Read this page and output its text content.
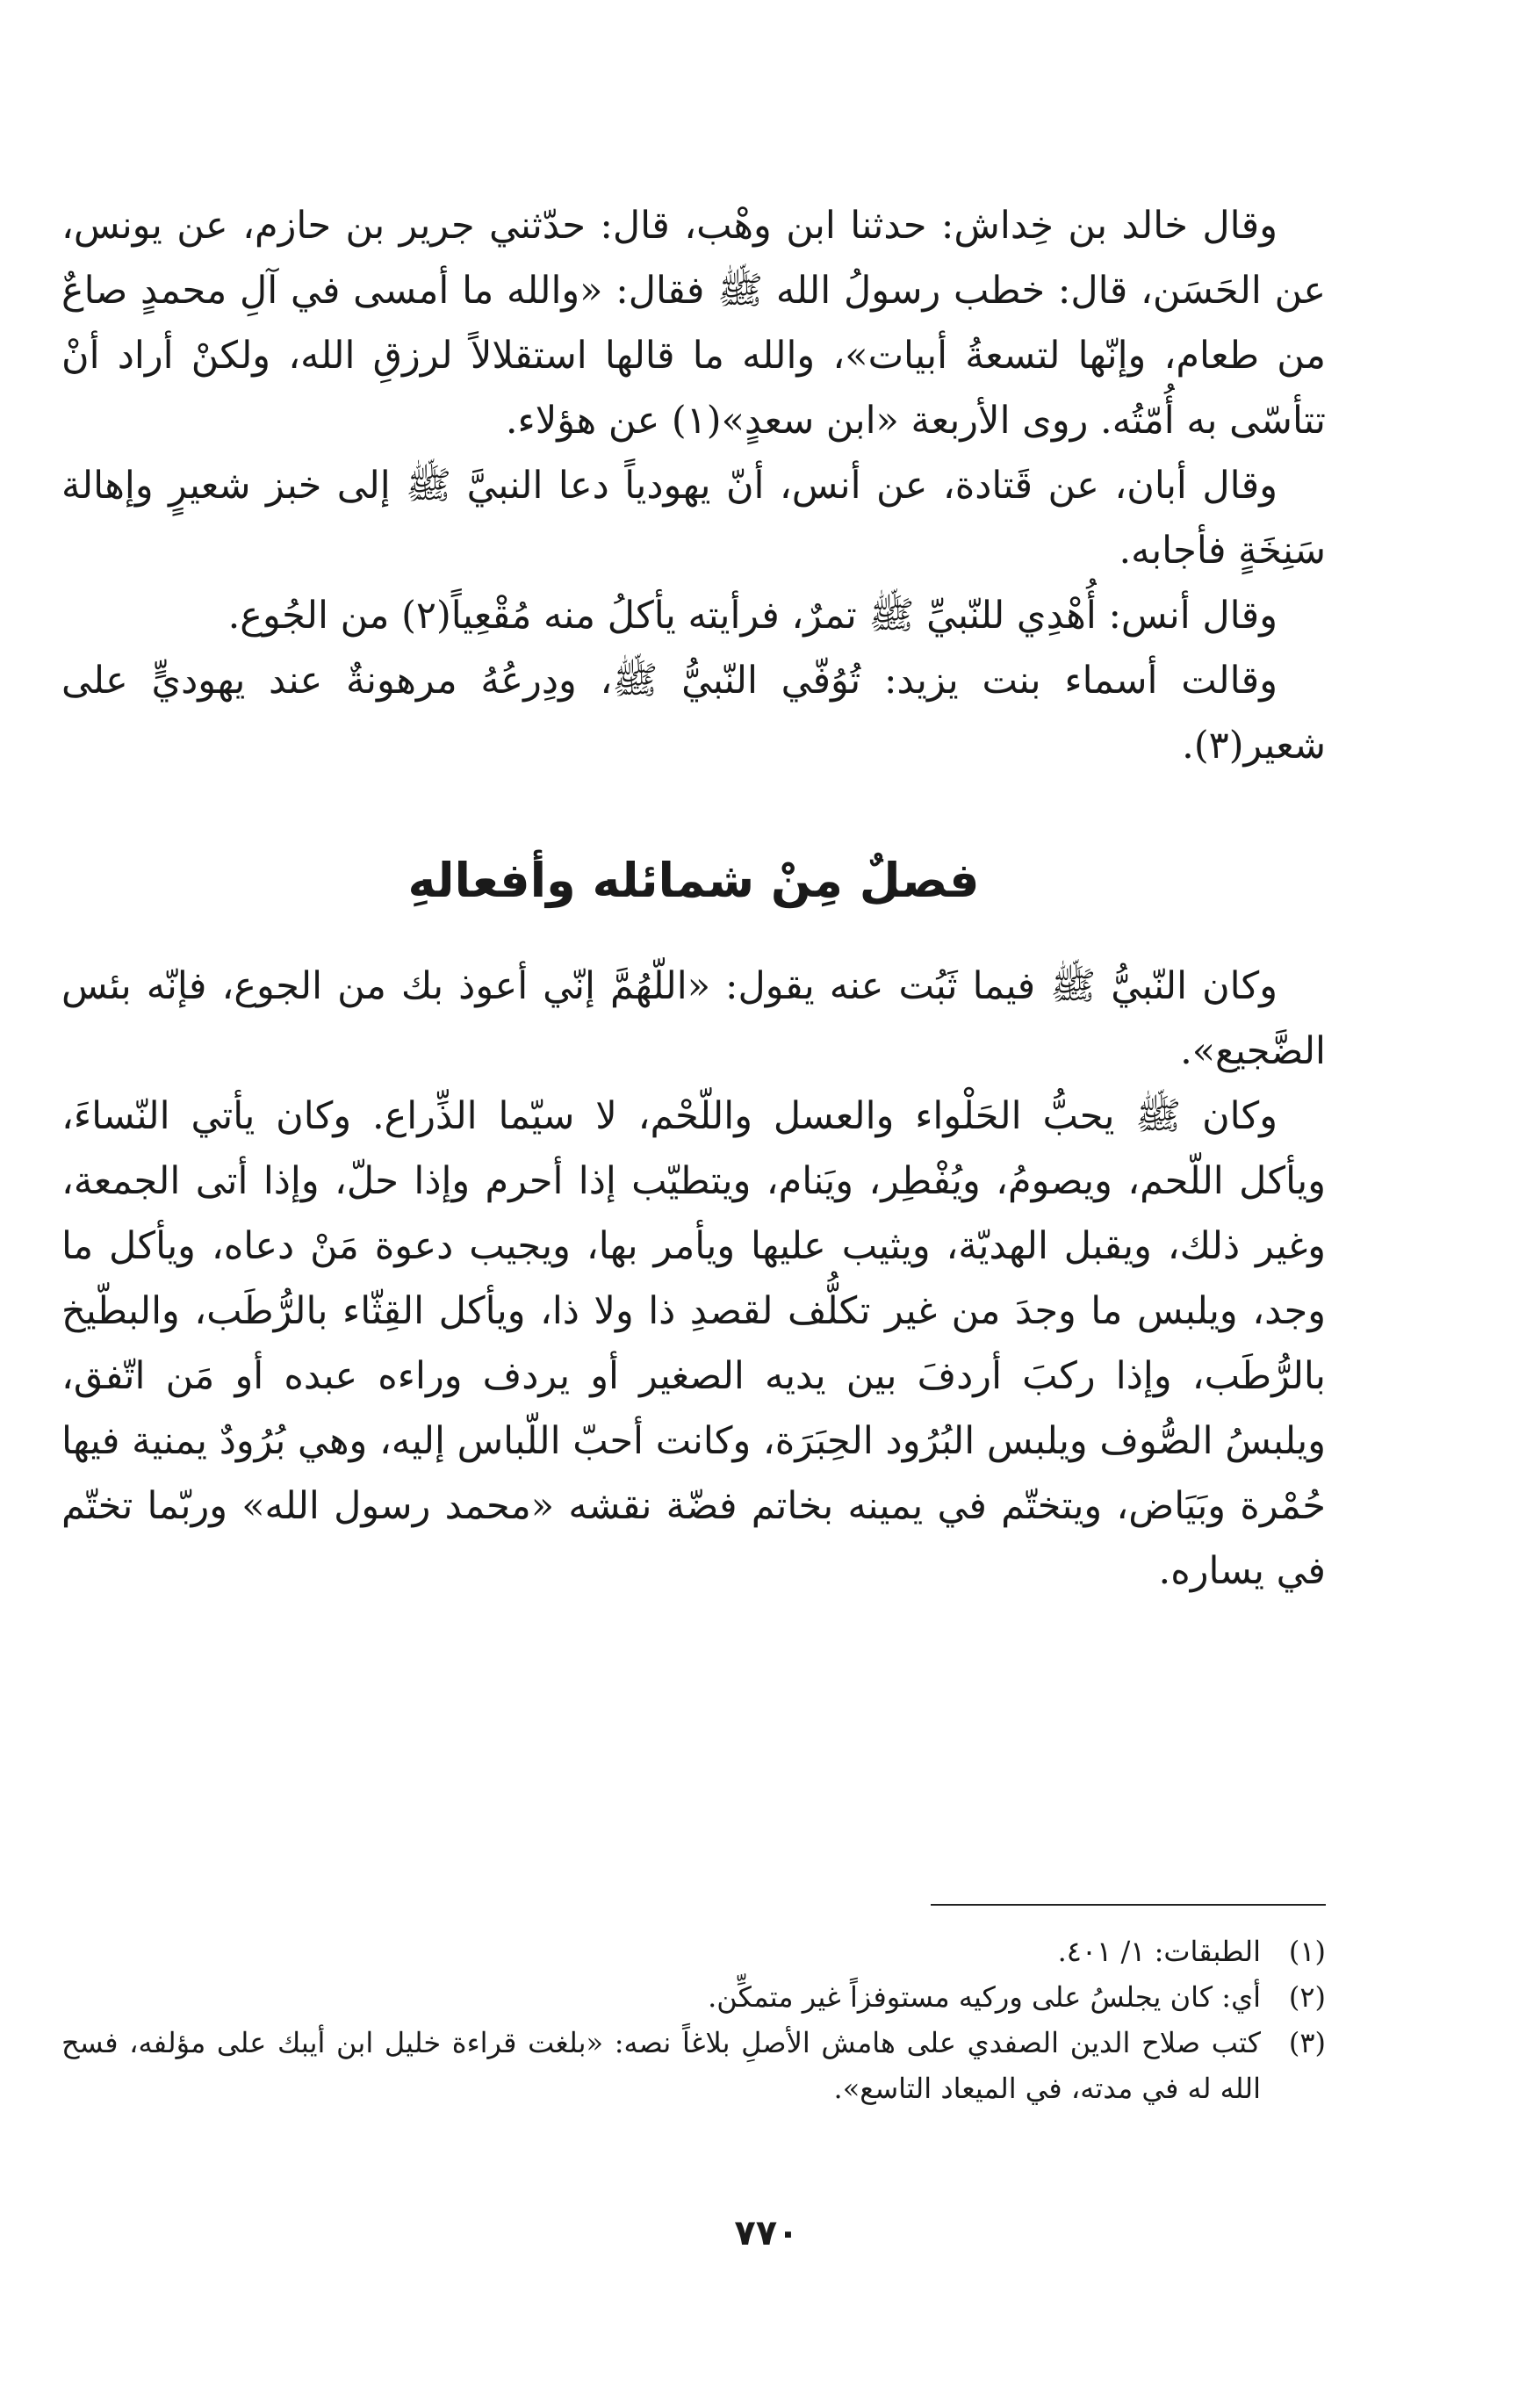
وقال خالد بن خِداش: حدثنا ابن وهْب، قال: حدّثني جرير بن حازم، عن يونس، عن الحَسَن، قال: خطب رسولُ الله ﷺ فقال: «والله ما أمسى في آلِ محمدٍ صاعٌ من طعام، وإنّها لتسعةُ أبيات»، والله ما قالها استقلالاً لرزقِ الله، ولكنْ أراد أنْ تتأسّى به أُمّتُه. روى الأربعة «ابن سعدٍ»(١) عن هؤلاء.

وقال أبان، عن قَتادة، عن أنس، أنّ يهودياً دعا النبيَّ ﷺ إلى خبز شعيرٍ وإهالة سَنِخَةٍ فأجابه.

وقال أنس: أُهْدِي للنّبيِّ ﷺ تمرٌ، فرأيته يأكلُ منه مُقْعِياً(٢) من الجُوع.

وقالت أسماء بنت يزيد: تُوُفّي النّبيُّ ﷺ، ودِرعُهُ مرهونةٌ عند يهوديٍّ على شعير(٣).

فصلٌ مِنْ شمائله وأفعالهِ

وكان النّبيُّ ﷺ فيما ثَبُت عنه يقول: «اللّهُمَّ إنّي أعوذ بك من الجوع، فإنّه بئس الضَّجيع».

وكان ﷺ يحبُّ الحَلْواء والعسل واللّحْم، لا سيّما الذِّراع. وكان يأتي النّساءَ، ويأكل اللّحم، ويصومُ، ويُفْطِر، ويَنام، ويتطيّب إذا أحرم وإذا حلّ، وإذا أتى الجمعة، وغير ذلك، ويقبل الهديّة، ويثيب عليها ويأمر بها، ويجيب دعوة مَنْ دعاه، ويأكل ما وجد، ويلبس ما وجدَ من غير تكلُّف لقصدِ ذا ولا ذا، ويأكل القِثّاء بالرُّطَب، والبطّيخ بالرُّطَب، وإذا ركبَ أردفَ بين يديه الصغير أو يردف وراءه عبده أو مَن اتّفق، ويلبسُ الصُّوف ويلبس البُرُود الحِبَرَة، وكانت أحبّ اللّباس إليه، وهي بُرُودٌ يمنية فيها حُمْرة وبَيَاض، ويتختّم في يمينه بخاتم فضّة نقشه «محمد رسول الله» وربّما تختّم في يساره.

(١)
الطبقات: ١/ ٤٠١.
(٢)
أي: كان يجلسُ على وركيه مستوفزاً غير متمكِّن.
(٣)
كتب صلاح الدين الصفدي على هامش الأصلِ بلاغاً نصه: «بلغت قراءة خليل ابن أيبك على مؤلفه، فسح الله له في مدته، في الميعاد التاسع».
٧٧٠
